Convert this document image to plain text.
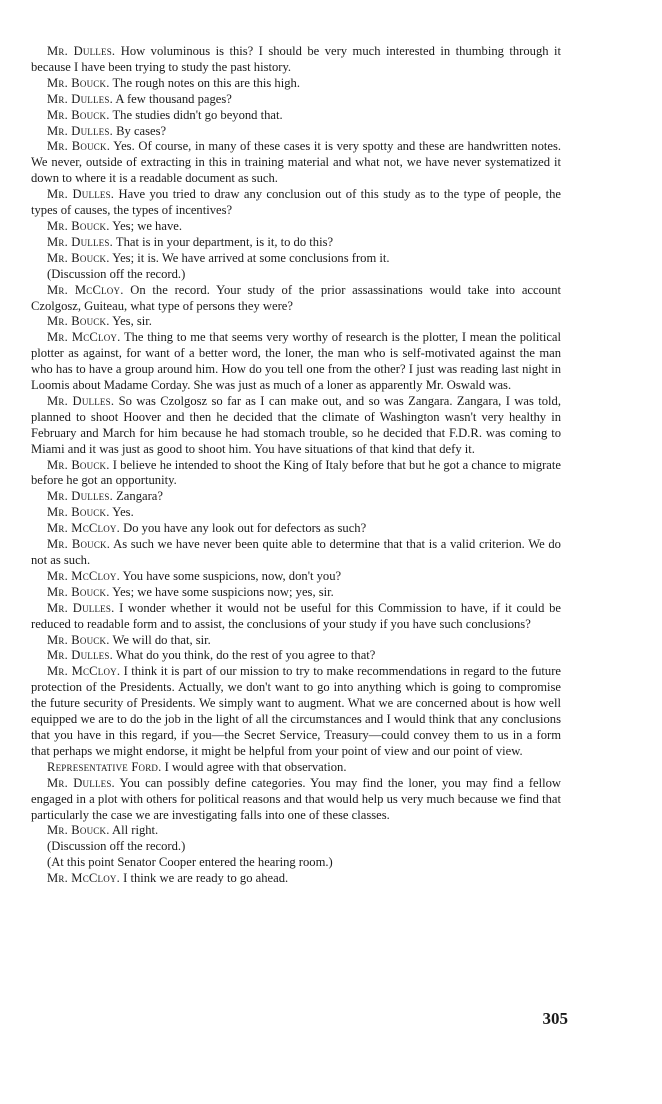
Mr. Dulles. How voluminous is this? I should be very much interested in thumbing through it because I have been trying to study the past history.

Mr. Bouck. The rough notes on this are this high.

Mr. Dulles. A few thousand pages?

Mr. Bouck. The studies didn't go beyond that.

Mr. Dulles. By cases?

Mr. Bouck. Yes. Of course, in many of these cases it is very spotty and these are handwritten notes. We never, outside of extracting in this in training material and what not, we have never systematized it down to where it is a readable document as such.

Mr. Dulles. Have you tried to draw any conclusion out of this study as to the type of people, the types of causes, the types of incentives?

Mr. Bouck. Yes; we have.

Mr. Dulles. That is in your department, is it, to do this?

Mr. Bouck. Yes; it is. We have arrived at some conclusions from it.

(Discussion off the record.)

Mr. McCloy. On the record. Your study of the prior assassinations would take into account Czolgosz, Guiteau, what type of persons they were?

Mr. Bouck. Yes, sir.

Mr. McCloy. The thing to me that seems very worthy of research is the plotter, I mean the political plotter as against, for want of a better word, the loner, the man who is self-motivated against the man who has to have a group around him. How do you tell one from the other? I just was reading last night in Loomis about Madame Corday. She was just as much of a loner as apparently Mr. Oswald was.

Mr. Dulles. So was Czolgosz so far as I can make out, and so was Zangara. Zangara, I was told, planned to shoot Hoover and then he decided that the climate of Washington wasn't very healthy in February and March for him because he had stomach trouble, so he decided that F.D.R. was coming to Miami and it was just as good to shoot him. You have situations of that kind that defy it.

Mr. Bouck. I believe he intended to shoot the King of Italy before that but he got a chance to migrate before he got an opportunity.

Mr. Dulles. Zangara?

Mr. Bouck. Yes.

Mr. McCloy. Do you have any look out for defectors as such?

Mr. Bouck. As such we have never been quite able to determine that that is a valid criterion. We do not as such.

Mr. McCloy. You have some suspicions, now, don't you?

Mr. Bouck. Yes; we have some suspicions now; yes, sir.

Mr. Dulles. I wonder whether it would not be useful for this Commission to have, if it could be reduced to readable form and to assist, the conclusions of your study if you have such conclusions?

Mr. Bouck. We will do that, sir.

Mr. Dulles. What do you think, do the rest of you agree to that?

Mr. McCloy. I think it is part of our mission to try to make recommendations in regard to the future protection of the Presidents. Actually, we don't want to go into anything which is going to compromise the future security of Presidents. We simply want to augment. What we are concerned about is how well equipped we are to do the job in the light of all the circumstances and I would think that any conclusions that you have in this regard, if you—the Secret Service, Treasury—could convey them to us in a form that perhaps we might endorse, it might be helpful from your point of view and our point of view.

Representative Ford. I would agree with that observation.

Mr. Dulles. You can possibly define categories. You may find the loner, you may find a fellow engaged in a plot with others for political reasons and that would help us very much because we find that particularly the case we are investigating falls into one of these classes.

Mr. Bouck. All right.

(Discussion off the record.)

(At this point Senator Cooper entered the hearing room.)

Mr. McCloy. I think we are ready to go ahead.

305
